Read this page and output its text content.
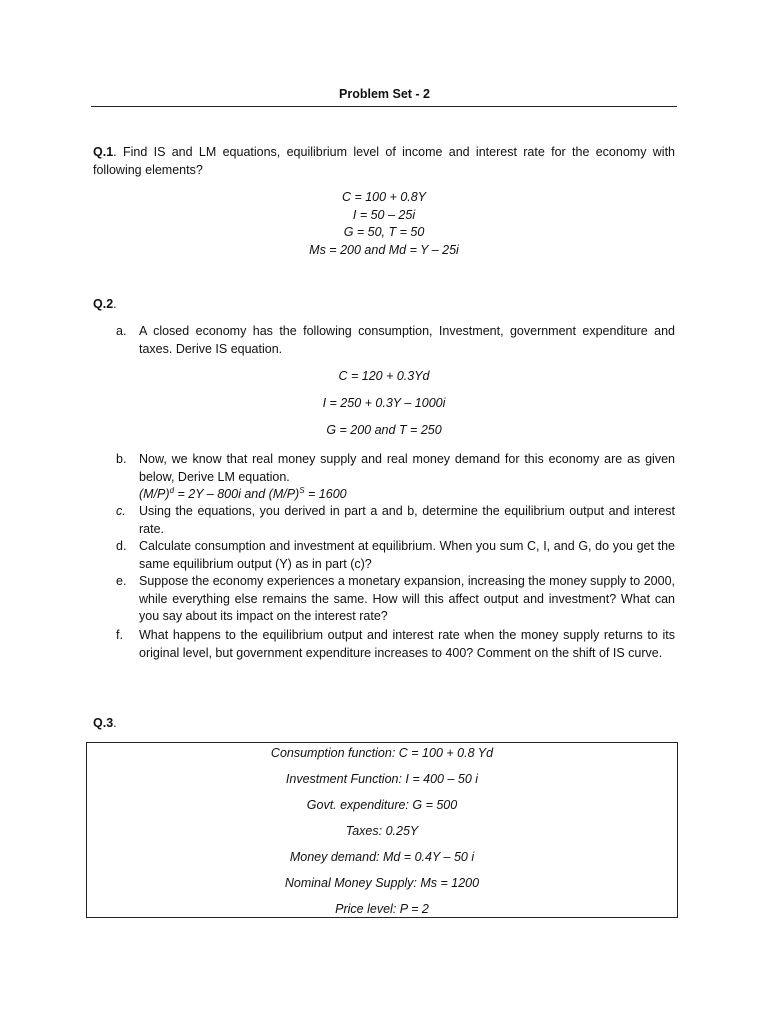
Problem Set - 2
Q.1. Find IS and LM equations, equilibrium level of income and interest rate for the economy with following elements?
C = 100 + 0.8Y
I = 50 – 25i
G = 50, T = 50
Ms = 200 and Md = Y – 25i
Q.2.
a.	A closed economy has the following consumption, Investment, government expenditure and taxes. Derive IS equation.
C = 120 + 0.3Yd
I = 250 + 0.3Y – 1000i
G = 200 and T = 250
b.	Now, we know that real money supply and real money demand for this economy are as given below, Derive LM equation.
$(M/P)^d = 2Y - 800i$ and $(M/P)^S = 1600$
c.	Using the equations, you derived in part a and b, determine the equilibrium output and interest rate.
d.	Calculate consumption and investment at equilibrium. When you sum C, I, and G, do you get the same equilibrium output (Y) as in part (c)?
e.	Suppose the economy experiences a monetary expansion, increasing the money supply to 2000, while everything else remains the same. How will this affect output and investment? What can you say about its impact on the interest rate?
f.	What happens to the equilibrium output and interest rate when the money supply returns to its original level, but government expenditure increases to 400? Comment on the shift of IS curve.
Q.3.
Consumption function: C = 100 + 0.8 Yd
Investment Function: I = 400 – 50 i
Govt. expenditure: G = 500
Taxes: 0.25Y
Money demand: Md = 0.4Y – 50 i
Nominal Money Supply: Ms = 1200
Price level: P = 2
